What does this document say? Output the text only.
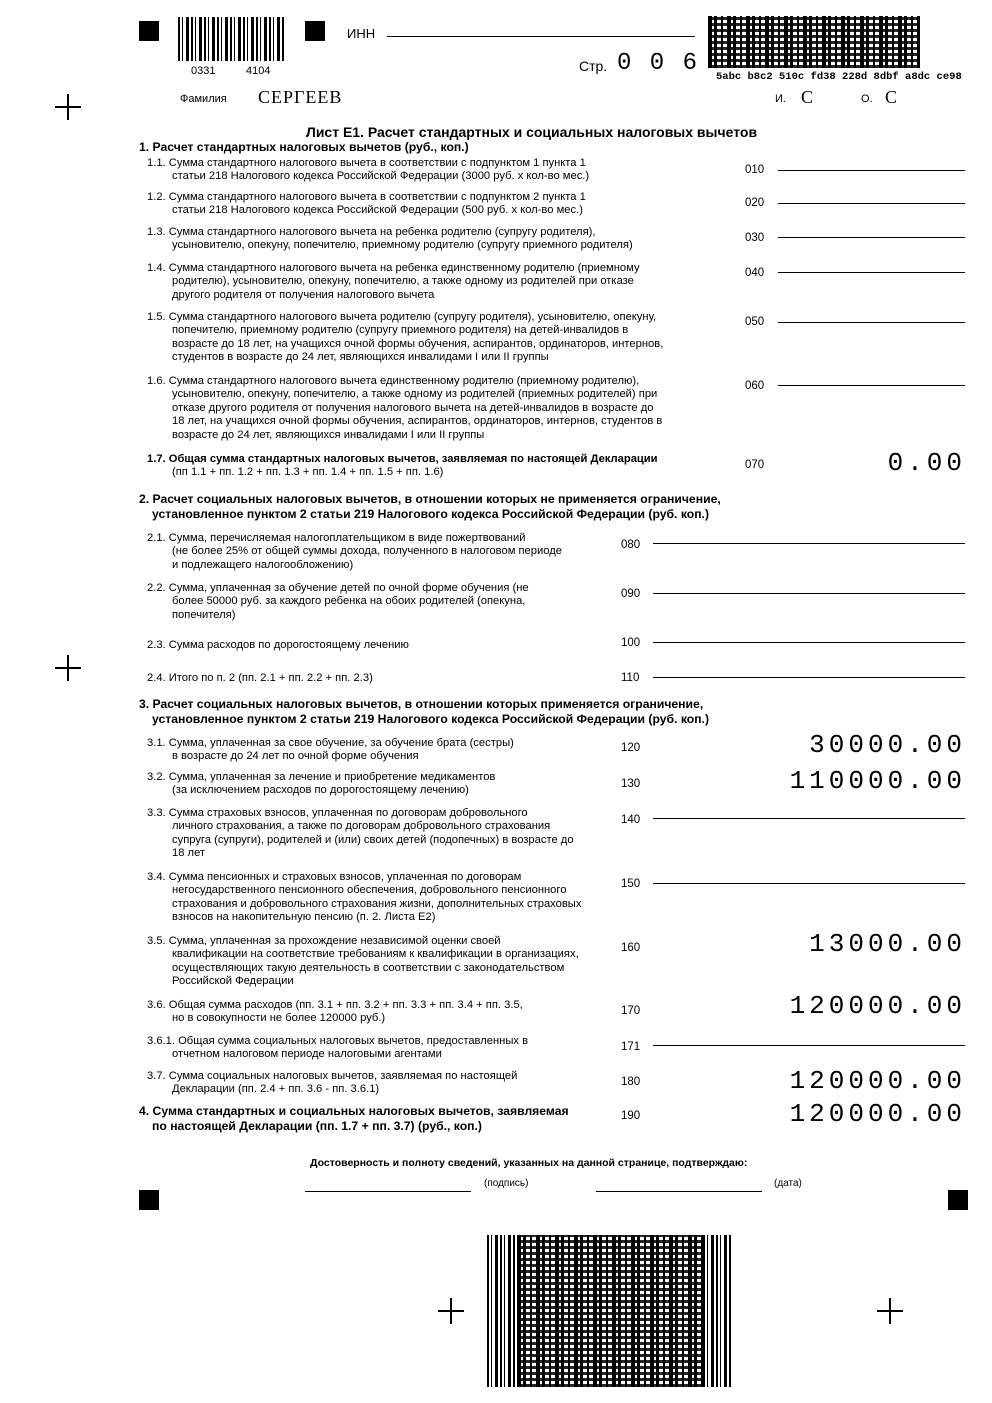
0331	4104
ИНН
Стр. 0 0 6 5abc b8c2 510c fd38 228d 8dbf a8dc ce98
Фамилия СЕРГЕЕВ	И. С	О. С
Лист Е1. Расчет стандартных и социальных налоговых вычетов
1. Расчет стандартных налоговых вычетов (руб., коп.)
1.1. Сумма стандартного налогового вычета в соответствии с подпунктом 1 пункта 1
статьи 218 Налогового кодекса Российской Федерации (3000 руб. х кол-во мес.)
010
1.2. Сумма стандартного налогового вычета в соответствии с подпунктом 2 пункта 1
статьи 218 Налогового кодекса Российской Федерации (500 руб. х кол-во мес.)
020
1.3. Сумма стандартного налогового вычета на ребенка родителю (супругу родителя),
усыновителю, опекуну, попечителю, приемному родителю (супругу приемного родителя)
030
1.4. Сумма стандартного налогового вычета на ребенка единственному родителю (приемному
родителю), усыновителю, опекуну, попечителю, а также одному из родителей при отказе
другого родителя от получения налогового вычета
040
1.5. Сумма стандартного налогового вычета родителю (супругу родителя), усыновителю, опекуну,
попечителю, приемному родителю (супругу приемного родителя) на детей-инвалидов в
возрасте до 18 лет, на учащихся очной формы обучения, аспирантов, ординаторов, интернов,
студентов в возрасте до 24 лет, являющихся инвалидами I или II группы
050
1.6. Сумма стандартного налогового вычета единственному родителю (приемному родителю),
усыновителю, опекуну, попечителю, а также одному из родителей (приемных родителей) при
отказе другого родителя от получения налогового вычета на детей-инвалидов в возрасте до
18 лет, на учащихся очной формы обучения, аспирантов, ординаторов, интернов, студентов в
возрасте до 24 лет, являющихся инвалидами I или II группы
060
1.7. Общая сумма стандартных налоговых вычетов, заявляемая по настоящей Декларации
(пп 1.1 + пп. 1.2 + пп. 1.3 + пп. 1.4 + пп. 1.5 + пп. 1.6)
070	0.00
2. Расчет социальных налоговых вычетов, в отношении которых не применяется ограничение,
установленное пунктом 2 статьи 219 Налогового кодекса Российской Федерации (руб. коп.)
2.1. Сумма, перечисляемая налогоплательщиком в виде пожертвований
(не более 25% от общей суммы дохода, полученного в налоговом периоде
и подлежащего налогообложению)
080
2.2. Сумма, уплаченная за обучение детей по очной форме обучения (не
более 50000 руб. за каждого ребенка на обоих родителей (опекуна,
попечителя)
090
2.3. Сумма расходов по дорогостоящему лечению	100
2.4. Итого по п. 2 (пп. 2.1 + пп. 2.2 + пп. 2.3)	110
3. Расчет социальных налоговых вычетов, в отношении которых применяется ограничение,
установленное пунктом 2 статьи 219 Налогового кодекса Российской Федерации (руб. коп.)
3.1. Сумма, уплаченная за свое обучение, за обучение брата (сестры)
в возрасте до 24 лет по очной форме обучения
120	30000.00
3.2. Сумма, уплаченная за лечение и приобретение медикаментов
(за исключением расходов по дорогостоящему лечению)
130	110000.00
3.3. Сумма страховых взносов, уплаченная по договорам добровольного
личного страхования, а также по договорам добровольного страхования
супруга (супруги), родителей и (или) своих детей (подопечных) в возрасте до
18 лет
140
3.4. Сумма пенсионных и страховых взносов, уплаченная по договорам
негосударственного пенсионного обеспечения, добровольного пенсионного
страхования и добровольного страхования жизни, дополнительных страховых
взносов на накопительную пенсию (п. 2. Листа Е2)
150
3.5. Сумма, уплаченная за прохождение независимой оценки своей
квалификации на соответствие требованиям к квалификации в организациях,
осуществляющих такую деятельность в соответствии с законодательством
Российской Федерации
160	13000.00
3.6. Общая сумма расходов (пп. 3.1 + пп. 3.2 + пп. 3.3 + пп. 3.4 + пп. 3.5,
но в совокупности не более 120000 руб.)
170	120000.00
3.6.1. Общая сумма социальных налоговых вычетов, предоставленных в
отчетном налоговом периоде налоговыми агентами
171
3.7. Сумма социальных налоговых вычетов, заявляемая по настоящей
Декларации (пп. 2.4 + пп. 3.6 - пп. 3.6.1)
180	120000.00
4. Сумма стандартных и социальных налоговых вычетов, заявляемая
по настоящей Декларации (пп. 1.7 + пп. 3.7) (руб., коп.)
190	120000.00
Достоверность и полноту сведений, указанных на данной странице, подтверждаю:
(подпись)	(дата)
